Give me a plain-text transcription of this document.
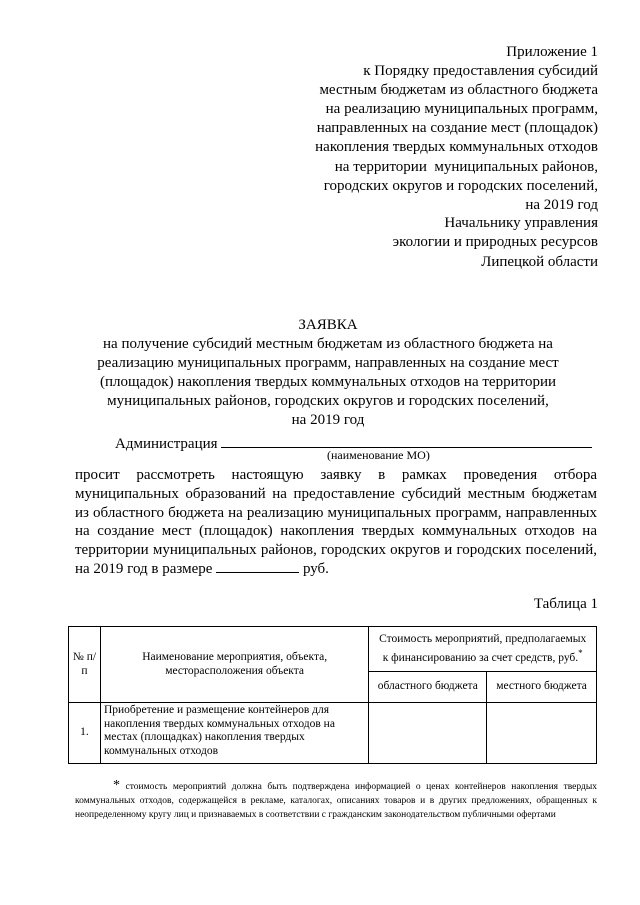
Приложение 1
к Порядку предоставления субсидий
местным бюджетам из областного бюджета
на реализацию муниципальных программ,
направленных на создание мест (площадок)
накопления твердых коммунальных отходов
на территории  муниципальных районов,
городских округов и городских поселений,
на 2019 год
Начальнику управления
экологии и природных ресурсов
Липецкой области
ЗАЯВКА
на получение субсидий местным бюджетам из областного бюджета на
реализацию муниципальных программ, направленных на создание мест
(площадок) накопления твердых коммунальных отходов на территории
муниципальных районов, городских округов и городских поселений,
на 2019 год
Администрация
(наименование МО)
просит рассмотреть настоящую заявку в рамках проведения отбора муниципальных образований на предоставление субсидий местным бюджетам из областного бюджета на реализацию муниципальных программ, направленных на создание мест (площадок) накопления твердых коммунальных отходов на территории муниципальных районов, городских округов и городских поселений, на 2019 год в размере	руб.
Таблица 1
№ п/п	Наименование мероприятия, объекта, месторасположения объекта	Стоимость мероприятий, предполагаемых к финансированию за счет средств, руб.*
		областного бюджета	местного бюджета
1.	Приобретение и размещение контейнеров для накопления твердых коммунальных отходов на местах (площадках) накопления твердых коммунальных отходов		
* стоимость мероприятий должна быть подтверждена информацией о ценах контейнеров накопления твердых коммунальных отходов, содержащейся в рекламе, каталогах, описаниях товаров и в других предложениях, обращенных к неопределенному кругу лиц и признаваемых в соответствии с гражданским законодательством публичными офертами
